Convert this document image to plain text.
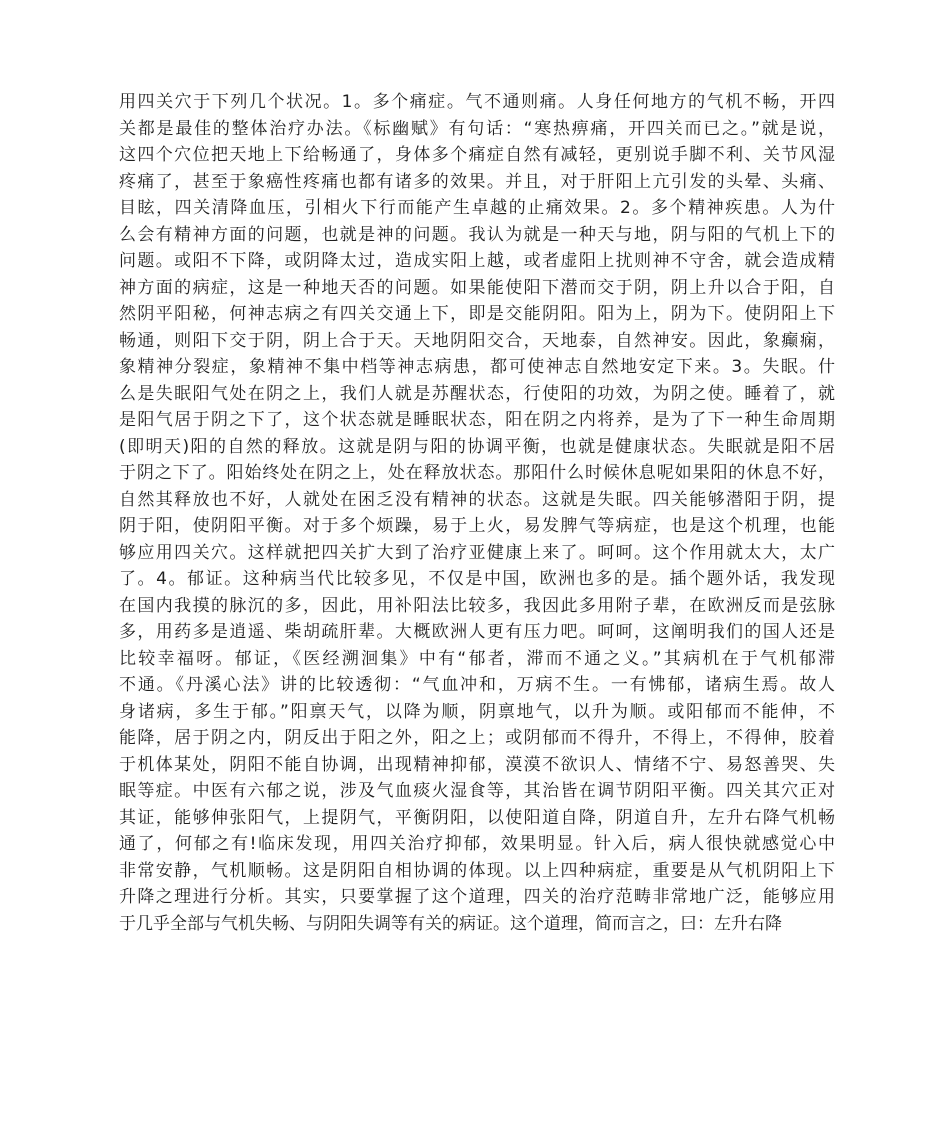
用四关穴于下列几个状况。1。多个痛症。气不通则痛。人身任何地方的气机不畅，开四
关都是最佳的整体治疗办法。《标幽赋》有句话：“寒热痹痛，开四关而已之。”就是说，
这四个穴位把天地上下给畅通了，身体多个痛症自然有减轻，更别说手脚不利、关节风湿
疼痛了，甚至于象癌性疼痛也都有诸多的效果。并且，对于肝阳上亢引发的头晕、头痛、
目眩，四关清降血压，引相火下行而能产生卓越的止痛效果。2。多个精神疾患。人为什
么会有精神方面的问题，也就是神的问题。我认为就是一种天与地，阴与阳的气机上下的
问题。或阳不下降，或阴降太过，造成实阳上越，或者虚阳上扰则神不守舍，就会造成精
神方面的病症，这是一种地天否的问题。如果能使阳下潜而交于阴，阴上升以合于阳，自
然阴平阳秘，何神志病之有四关交通上下，即是交能阴阳。阳为上，阴为下。使阴阳上下
畅通，则阳下交于阴，阴上合于天。天地阴阳交合，天地泰，自然神安。因此，象癫痫，
象精神分裂症，象精神不集中档等神志病患，都可使神志自然地安定下来。3。失眠。什
么是失眠阳气处在阴之上，我们人就是苏醒状态，行使阳的功效，为阴之使。睡着了，就
是阳气居于阴之下了，这个状态就是睡眠状态，阳在阴之内将养，是为了下一种生命周期
(即明天)阳的自然的释放。这就是阴与阳的协调平衡，也就是健康状态。失眠就是阳不居
于阴之下了。阳始终处在阴之上，处在释放状态。那阳什么时候休息呢如果阳的休息不好，
自然其释放也不好，人就处在困乏没有精神的状态。这就是失眠。四关能够潜阳于阴，提
阴于阳，使阴阳平衡。对于多个烦躁，易于上火，易发脾气等病症，也是这个机理，也能
够应用四关穴。这样就把四关扩大到了治疗亚健康上来了。呵呵。这个作用就太大，太广
了。4。郁证。这种病当代比较多见，不仅是中国，欧洲也多的是。插个题外话，我发现
在国内我摸的脉沉的多，因此，用补阳法比较多，我因此多用附子辈，在欧洲反而是弦脉
多，用药多是逍遥、柴胡疏肝辈。大概欧洲人更有压力吧。呵呵，这阐明我们的国人还是
比较幸福呀。郁证，《医经溯洄集》中有“郁者，滞而不通之义。”其病机在于气机郁滞
不通。《丹溪心法》讲的比较透彻：“气血冲和，万病不生。一有怫郁，诸病生焉。故人
身诸病，多生于郁。”阳禀天气，以降为顺，阴禀地气，以升为顺。或阳郁而不能伸，不
能降，居于阴之内，阴反出于阳之外，阳之上；或阴郁而不得升，不得上，不得伸，胶着
于机体某处，阴阳不能自协调，出现精神抑郁，漠漠不欲识人、情绪不宁、易怒善哭、失
眠等症。中医有六郁之说，涉及气血痰火湿食等，其治皆在调节阴阳平衡。四关其穴正对
其证，能够伸张阳气，上提阴气，平衡阴阳，以使阳道自降，阴道自升，左升右降气机畅
通了，何郁之有!临床发现，用四关治疗抑郁，效果明显。针入后，病人很快就感觉心中
非常安静，气机顺畅。这是阴阳自相协调的体现。以上四种病症，重要是从气机阴阳上下
升降之理进行分析。其实，只要掌握了这个道理，四关的治疗范畴非常地广泛，能够应用
于几乎全部与气机失畅、与阴阳失调等有关的病证。这个道理，简而言之，曰：左升右降
